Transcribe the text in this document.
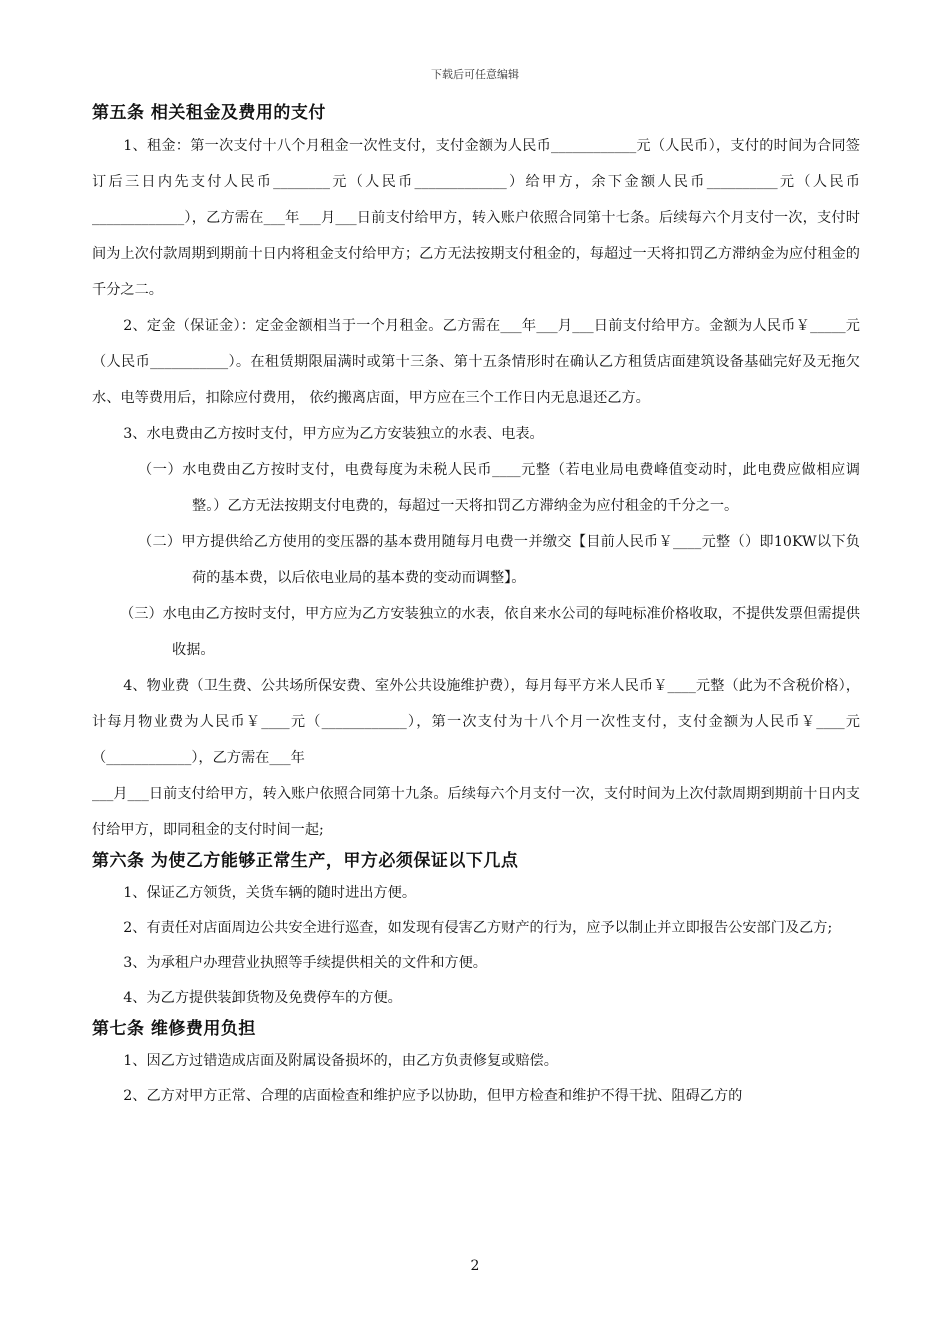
下载后可任意编辑
第五条 相关租金及费用的支付

1、租金：第一次支付十八个月租金一次性支付，支付金额为人民币____________元（人民币），支付的时间为合同签订后三日内先支付人民币________元（人民币_____________）给甲方，余下金额人民币__________元（人民币_____________），乙方需在___年___月___日前支付给甲方，转入账户依照合同第十七条。后续每六个月支付一次，支付时间为上次付款周期到期前十日内将租金支付给甲方；乙方无法按期支付租金的，每超过一天将扣罚乙方滞纳金为应付租金的千分之二。

2、定金（保证金）：定金金额相当于一个月租金。乙方需在___年___月___日前支付给甲方。金额为人民币￥_____元（人民币___________）。在租赁期限届满时或第十三条、第十五条情形时在确认乙方租赁店面建筑设备基础完好及无拖欠水、电等费用后，扣除应付费用， 依约搬离店面，甲方应在三个工作日内无息退还乙方。

3、水电费由乙方按时支付，甲方应为乙方安装独立的水表、电表。

（一）水电费由乙方按时支付，电费每度为未税人民币____元整（若电业局电费峰值变动时，此电费应做相应调整。）乙方无法按期支付电费的，每超过一天将扣罚乙方滞纳金为应付租金的千分之一。

（二）甲方提供给乙方使用的变压器的基本费用随每月电费一并缴交【目前人民币￥____元整（）即10KW以下负荷的基本费，以后依电业局的基本费的变动而调整】。

（三）水电由乙方按时支付，甲方应为乙方安装独立的水表，依自来水公司的每吨标准价格收取，不提供发票但需提供收据。

4、物业费（卫生费、公共场所保安费、室外公共设施维护费），每月每平方米人民币￥____元整（此为不含税价格），计每月物业费为人民币￥____元（____________），第一次支付为十八个月一次性支付，支付金额为人民币￥____元（____________），乙方需在___年

___月___日前支付给甲方，转入账户依照合同第十九条。后续每六个月支付一次，支付时间为上次付款周期到期前十日内支付给甲方，即同租金的支付时间一起;

第六条 为使乙方能够正常生产，甲方必须保证以下几点

1、保证乙方领货，关货车辆的随时进出方便。

2、有责任对店面周边公共安全进行巡查，如发现有侵害乙方财产的行为，应予以制止并立即报告公安部门及乙方;

3、为承租户办理营业执照等手续提供相关的文件和方便。

4、为乙方提供装卸货物及免费停车的方便。

第七条 维修费用负担

1、因乙方过错造成店面及附属设备损坏的，由乙方负责修复或赔偿。

2、乙方对甲方正常、合理的店面检查和维护应予以协助，但甲方检查和维护不得干扰、阻碍乙方的

2
